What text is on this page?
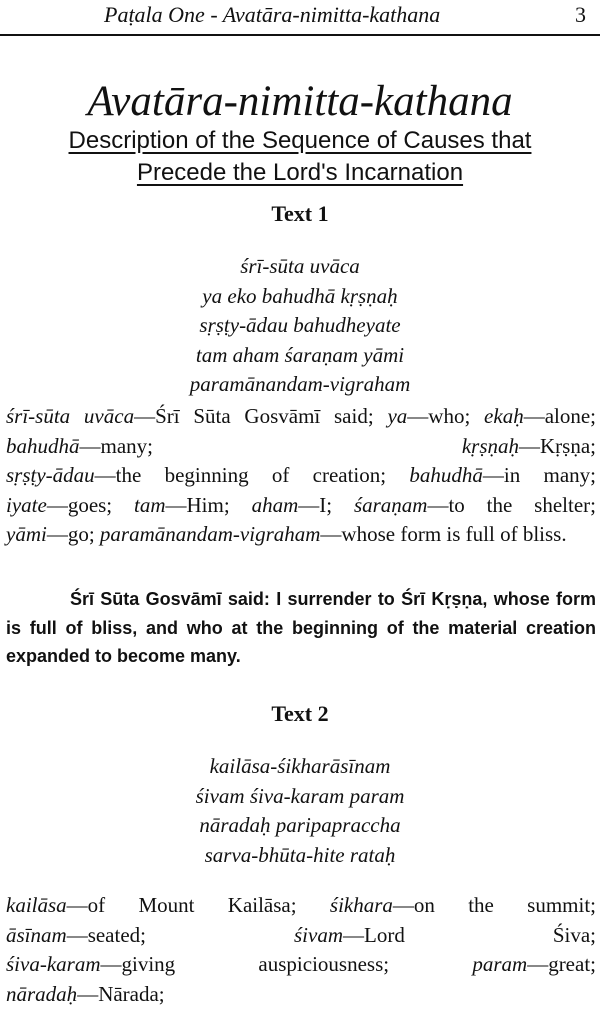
Paṭala One - Avatāra-nimitta-kathana	3
Avatāra-nimitta-kathana
Description of the Sequence of Causes that
Precede the Lord's Incarnation
Text 1
śrī-sūta uvāca
ya eko bahudhā kṛṣṇaḥ
sṛṣṭy-ādau bahudheyate
tam aham śaraṇam yāmi
paramānandam-vigraham
śrī-sūta uvāca—Śrī Sūta Gosvāmī said; ya—who; ekaḥ—alone; bahudhā—many;	kṛṣṇaḥ—Kṛṣṇa; sṛṣṭy-ādau—the beginning of creation; bahudhā—in many; iyate—goes; tam—Him; aham—I; śaraṇam—to the shelter; yāmi—go; paramānandam-vigraham—whose form is full of bliss.
Śrī Sūta Gosvāmī said: I surrender to Śrī Kṛṣṇa, whose form is full of bliss, and who at the beginning of the material creation expanded to become many.
Text 2
kailāsa-śikharāsīnam
śivam śiva-karam param
nāradaḥ paripapraccha
sarva-bhūta-hite rataḥ
kailāsa—of Mount Kailāsa; śikhara—on the summit; āsīnam—seated;	śivam—Lord Śiva; śiva-karam—giving auspiciousness;	param—great; nāradaḥ—Nārada;
